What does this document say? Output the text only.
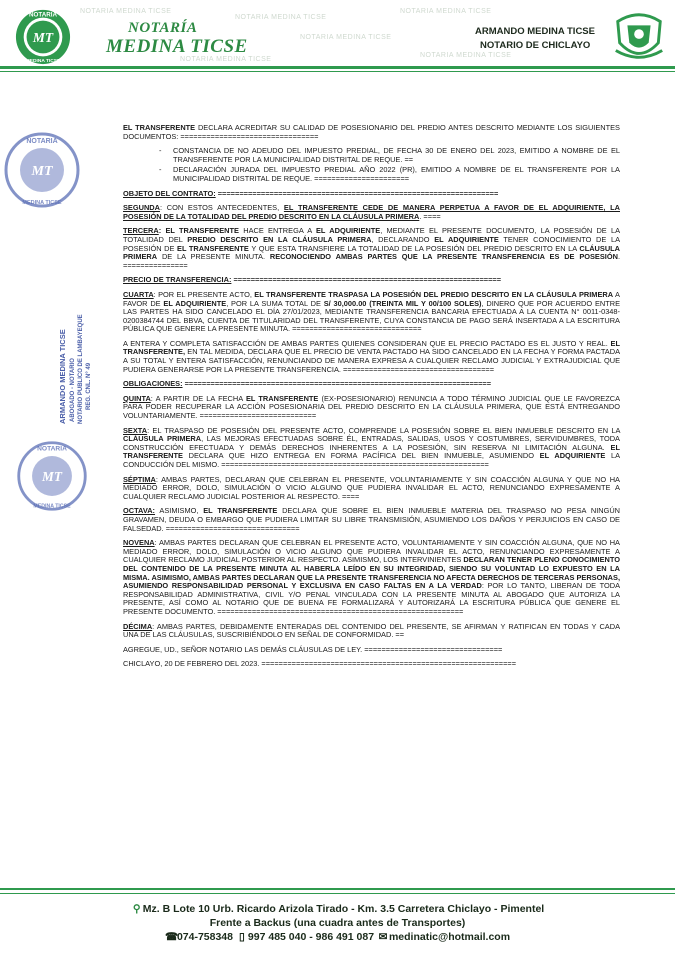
NOTARIA MEDINA TICSE
NOTARIA MEDINA TICSE
NOTARIA MEDINA TICSE
NOTARIA MEDINA TICSE
NOTARIA MEDINA TICSE
NOTARIA MEDINA TICSE
MT
NOTARIA
MEDINA TICSE
NOTARÍA
MEDINA TICSE
ARMANDO MEDINA TICSE
NOTARIO DE CHICLAYO
MT
NOTARIA
MEDINA TICSE
ARMANDO MEDINA TICSE ABOGADO - NOTARIO NOTARIO PUBLICO DE LAMBAYEQUE REG. CNL. N° 49
MT
NOTARIA
MEDINA TICSE

EL TRANSFERENTE DECLARA ACREDITAR SU CALIDAD DE POSESIONARIO DEL PREDIO ANTES DESCRITO MEDIANTE LOS SIGUIENTES DOCUMENTOS: ================================

- CONSTANCIA DE NO ADEUDO DEL IMPUESTO PREDIAL, DE FECHA 30 DE ENERO DEL 2023, EMITIDO A NOMBRE DE EL TRANSFERENTE POR LA MUNICIPALIDAD DISTRITAL DE REQUE. ==
- DECLARACIÓN JURADA DEL IMPUESTO PREDIAL AÑO 2022 (PR), EMITIDO A NOMBRE DE EL TRANSFERENTE POR LA MUNICIPALIDAD DISTRITAL DE REQUE. ======================

OBJETO DEL CONTRATO: =================================================================

SEGUNDA: CON ESTOS ANTECEDENTES, EL TRANSFERENTE CEDE DE MANERA PERPETUA A FAVOR DE EL ADQUIRIENTE, LA POSESIÓN DE LA TOTALIDAD DEL PREDIO DESCRITO EN LA CLÁUSULA PRIMERA. ====

TERCERA: EL TRANSFERENTE HACE ENTREGA A EL ADQUIRIENTE, MEDIANTE EL PRESENTE DOCUMENTO, LA POSESIÓN DE LA TOTALIDAD DEL PREDIO DESCRITO EN LA CLÁUSULA PRIMERA, DECLARANDO EL ADQUIRIENTE TENER CONOCIMIENTO DE LA POSESIÓN DE EL TRANSFERENTE Y QUE ESTA TRANSFIERE LA TOTALIDAD DE LA POSESIÓN DEL PREDIO DESCRITO EN LA CLÁUSULA PRIMERA DE LA PRESENTE MINUTA. RECONOCIENDO AMBAS PARTES QUE LA PRESENTE TRANSFERENCIA ES DE POSESIÓN. ===============

PRECIO DE TRANSFERENCIA: ==============================================================

CUARTA: POR EL PRESENTE ACTO, EL TRANSFERENTE TRASPASA LA POSESIÓN DEL PREDIO DESCRITO EN LA CLÁUSULA PRIMERA A FAVOR DE EL ADQUIRIENTE, POR LA SUMA TOTAL DE S/ 30,000.00 (TREINTA MIL Y 00/100 SOLES), DINERO QUE POR ACUERDO ENTRE LAS PARTES HA SIDO CANCELADO EL DÍA 27/01/2023, MEDIANTE TRANSFERENCIA BANCARIA EFECTUADA A LA CUENTA N° 0011-0348-0200384744 DEL BBVA, CUENTA DE TITULARIDAD DEL TRANSFERENTE, CUYA CONSTANCIA DE PAGO SERÁ INSERTADA A LA ESCRITURA PÚBLICA QUE GENERE LA PRESENTE MINUTA. ==============================

A ENTERA Y COMPLETA SATISFACCIÓN DE AMBAS PARTES QUIENES CONSIDERAN QUE EL PRECIO PACTADO ES EL JUSTO Y REAL. EL TRANSFERENTE, EN TAL MEDIDA, DECLARA QUE EL PRECIO DE VENTA PACTADO HA SIDO CANCELADO EN LA FECHA Y FORMA PACTADA A SU TOTAL Y ENTERA SATISFACCIÓN, RENUNCIANDO DE MANERA EXPRESA A CUALQUIER RECLAMO JUDICIAL Y EXTRAJUDICIAL QUE PUDIERA GENERARSE POR LA PRESENTE TRANSFERENCIA. ===================================

OBLIGACIONES: =======================================================================

QUINTA: A PARTIR DE LA FECHA EL TRANSFERENTE (EX-POSESIONARIO) RENUNCIA A TODO TÉRMINO JUDICIAL QUE LE FAVOREZCA PARA PODER RECUPERAR LA ACCIÓN POSESIONARIA DEL PREDIO DESCRITO EN LA CLÁUSULA PRIMERA, QUE ESTÁ ENTREGANDO VOLUNTARIAMENTE. ===========================

SEXTA: EL TRASPASO DE POSESIÓN DEL PRESENTE ACTO, COMPRENDE LA POSESIÓN SOBRE EL BIEN INMUEBLE DESCRITO EN LA CLÁUSULA PRIMERA, LAS MEJORAS EFECTUADAS SOBRE ÉL, ENTRADAS, SALIDAS, USOS Y COSTUMBRES, SERVIDUMBRES, TODA CONSTRUCCIÓN EFECTUADA Y DEMÁS DERECHOS INHERENTES A LA POSESIÓN, SIN RESERVA NI LIMITACIÓN ALGUNA. EL TRANSFERENTE DECLARA QUE HIZO ENTREGA EN FORMA PACÍFICA DEL BIEN INMUEBLE, ASUMIENDO EL ADQUIRIENTE LA CONDUCCIÓN DEL MISMO. ==============================================================

SÉPTIMA: AMBAS PARTES, DECLARAN QUE CELEBRAN EL PRESENTE, VOLUNTARIAMENTE Y SIN COACCIÓN ALGUNA Y QUE NO HA MEDIADO ERROR, DOLO, SIMULACIÓN O VICIO ALGUNO QUE PUDIERA INVALIDAR EL ACTO, RENUNCIANDO EXPRESAMENTE A CUALQUIER RECLAMO JUDICIAL POSTERIOR AL RESPECTO. ====

OCTAVA: ASIMISMO, EL TRANSFERENTE DECLARA QUE SOBRE EL BIEN INMUEBLE MATERIA DEL TRASPASO NO PESA NINGÚN GRAVAMEN, DEUDA O EMBARGO QUE PUDIERA LIMITAR SU LIBRE TRANSMISIÓN, ASUMIENDO LOS DAÑOS Y PERJUICIOS EN CASO DE FALSEDAD. ===============================

NOVENA: AMBAS PARTES DECLARAN QUE CELEBRAN EL PRESENTE ACTO, VOLUNTARIAMENTE Y SIN COACCIÓN ALGUNA, QUE NO HA MEDIADO ERROR, DOLO, SIMULACIÓN O VICIO ALGUNO QUE PUDIERA INVALIDAR EL ACTO, RENUNCIANDO EXPRESAMENTE A CUALQUIER RECLAMO JUDICIAL POSTERIOR AL RESPECTO. ASIMISMO, LOS INTERVINIENTES DECLARAN TENER PLENO CONOCIMIENTO DEL CONTENIDO DE LA PRESENTE MINUTA AL HABERLA LEÍDO EN SU INTEGRIDAD, SIENDO SU VOLUNTAD LO EXPUESTO EN LA MISMA. ASIMISMO, AMBAS PARTES DECLARAN QUE LA PRESENTE TRANSFERENCIA NO AFECTA DERECHOS DE TERCERAS PERSONAS, ASUMIENDO RESPONSABILIDAD PERSONAL Y EXCLUSIVA EN CASO FALTAS EN A LA VERDAD: POR LO TANTO, LIBERAN DE TODA RESPONSABILIDAD ADMINISTRATIVA, CIVIL Y/O PENAL VINCULADA CON LA PRESENTE MINUTA AL ABOGADO QUE AUTORIZA LA PRESENTE, ASÍ COMO AL NOTARIO QUE DE BUENA FE FORMALIZARÁ Y AUTORIZARÁ LA ESCRITURA PÚBLICA QUE GENERE EL PRESENTE DOCUMENTO. =========================================================

DÉCIMA: AMBAS PARTES, DEBIDAMENTE ENTERADAS DEL CONTENIDO DEL PRESENTE, SE AFIRMAN Y RATIFICAN EN TODAS Y CADA UNA DE LAS CLÁUSULAS, SUSCRIBIÉNDOLO EN SEÑAL DE CONFORMIDAD. ==

AGREGUE, UD., SEÑOR NOTARIO LAS DEMÁS CLÁUSULAS DE LEY. ================================

CHICLAYO, 20 DE FEBRERO DEL 2023. ===========================================================

⚲ Mz. B Lote 10 Urb. Ricardo Arizola Tirado - Km. 3.5 Carretera Chiclayo - Pimentel
Frente a Backus (una cuadra antes de Transportes)
☎074-758348 ▯ 997 485 040 - 986 491 087 ✉ medinatic@hotmail.com
